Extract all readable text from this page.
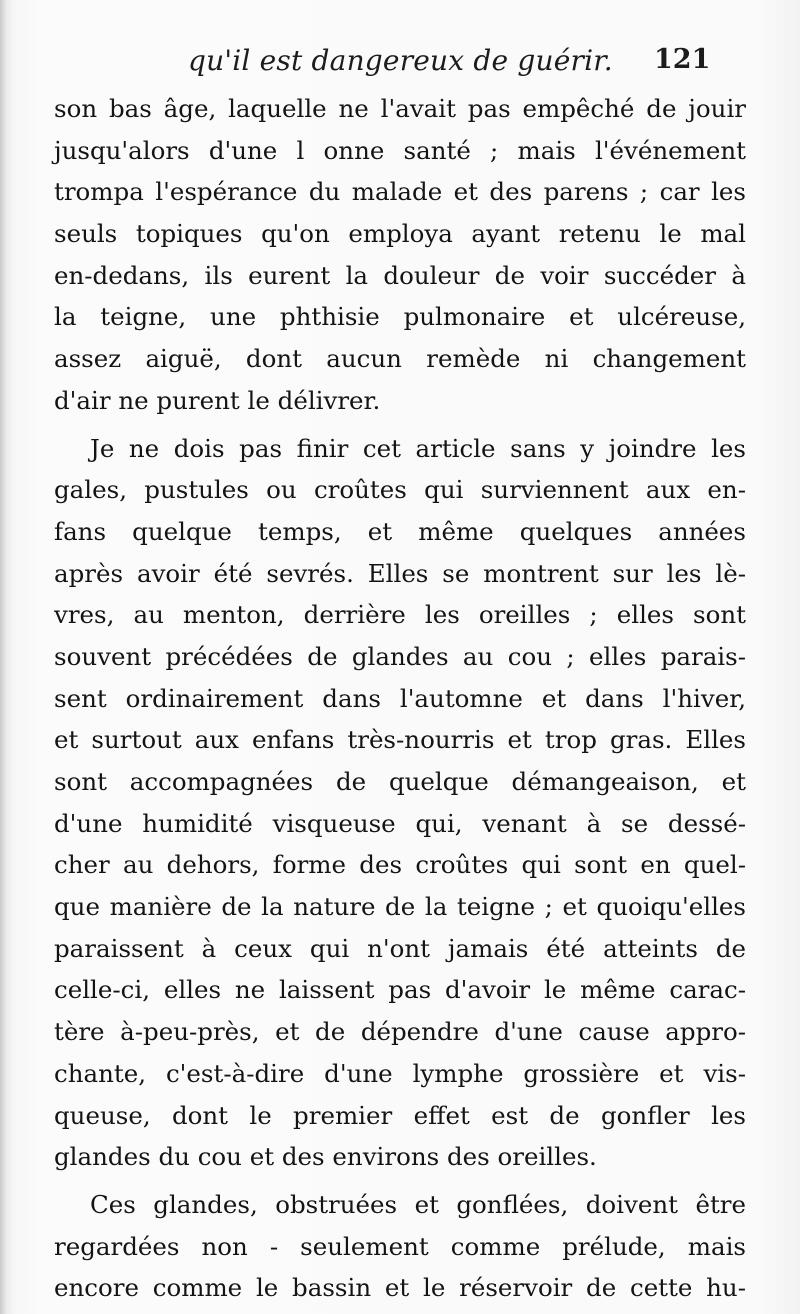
qu'il est dangereux de guérir. 121
son bas âge, laquelle ne l'avait pas empêché de jouir
jusqu'alors d'une l onne santé ; mais l'événement
trompa l'espérance du malade et des parens ; car les
seuls topiques qu'on employa ayant retenu le mal
en-dedans, ils eurent la douleur de voir succéder à
la teigne, une phthisie pulmonaire et ulcéreuse,
assez aiguë, dont aucun remède ni changement
d'air ne purent le délivrer.
Je ne dois pas finir cet article sans y joindre les
gales, pustules ou croûtes qui surviennent aux en-
fans quelque temps, et même quelques années
après avoir été sevrés. Elles se montrent sur les lè-
vres, au menton, derrière les oreilles ; elles sont
souvent précédées de glandes au cou ; elles parais-
sent ordinairement dans l'automne et dans l'hiver,
et surtout aux enfans très-nourris et trop gras. Elles
sont accompagnées de quelque démangeaison, et
d'une humidité visqueuse qui, venant à se dessé-
cher au dehors, forme des croûtes qui sont en quel-
que manière de la nature de la teigne ; et quoiqu'elles
paraissent à ceux qui n'ont jamais été atteints de
celle-ci, elles ne laissent pas d'avoir le même carac-
tère à-peu-près, et de dépendre d'une cause appro-
chante, c'est-à-dire d'une lymphe grossière et vis-
queuse, dont le premier effet est de gonfler les
glandes du cou et des environs des oreilles.
Ces glandes, obstruées et gonflées, doivent être
regardées non - seulement comme prélude, mais
encore comme le bassin et le réservoir de cette hu-
